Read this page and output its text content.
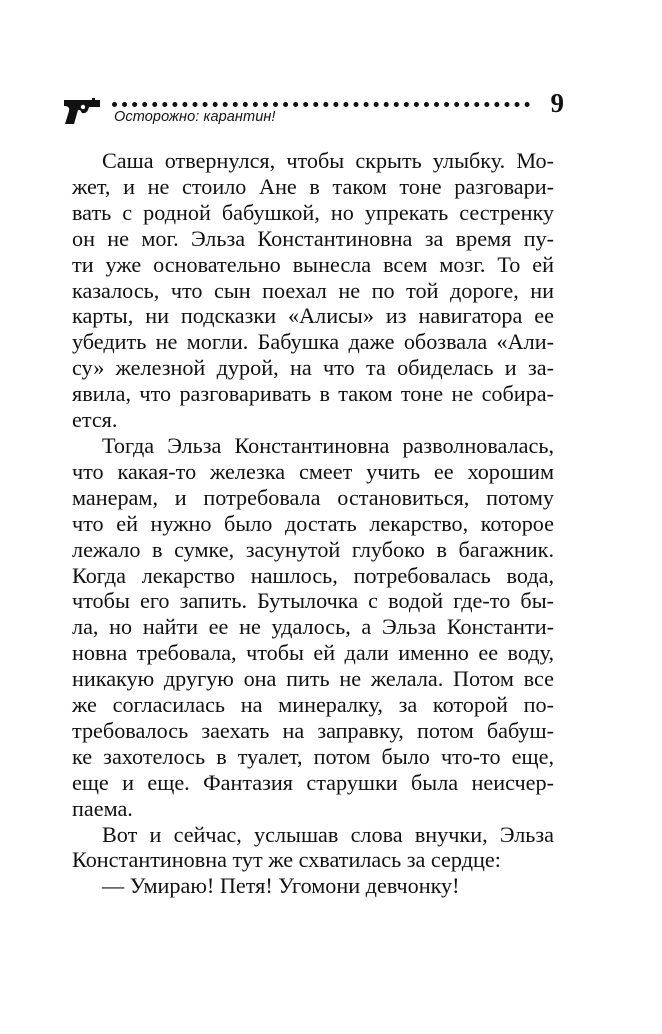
Осторожно: карантин!	9
Саша отвернулся, чтобы скрыть улыбку. Мо-
жет, и не стоило Ане в таком тоне разговари-
вать с родной бабушкой, но упрекать сестренку
он не мог. Эльза Константиновна за время пу-
ти уже основательно вынесла всем мозг. То ей
казалось, что сын поехал не по той дороге, ни
карты, ни подсказки «Алисы» из навигатора ее
убедить не могли. Бабушка даже обозвала «Али-
су» железной дурой, на что та обиделась и за-
явила, что разговаривать в таком тоне не собира-
ется.
Тогда Эльза Константиновна разволновалась,
что какая-то железка смеет учить ее хорошим
манерам, и потребовала остановиться, потому
что ей нужно было достать лекарство, которое
лежало в сумке, засунутой глубоко в багажник.
Когда лекарство нашлось, потребовалась вода,
чтобы его запить. Бутылочка с водой где-то бы-
ла, но найти ее не удалось, а Эльза Константи-
новна требовала, чтобы ей дали именно ее воду,
никакую другую она пить не желала. Потом все
же согласилась на минералку, за которой по-
требовалось заехать на заправку, потом бабуш-
ке захотелось в туалет, потом было что-то еще,
еще и еще. Фантазия старушки была неисчер-
паема.
Вот и сейчас, услышав слова внучки, Эльза
Константиновна тут же схватилась за сердце:
— Умираю! Петя! Угомони девчонку!
